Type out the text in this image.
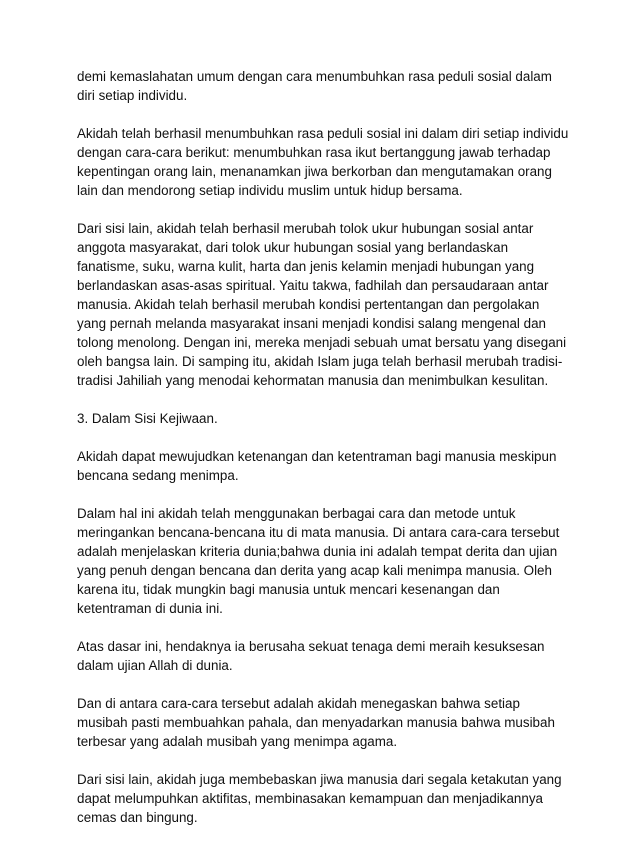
demi kemaslahatan umum dengan cara menumbuhkan rasa peduli sosial dalam diri setiap individu.

Akidah telah berhasil menumbuhkan rasa peduli sosial ini dalam diri setiap individu dengan cara-cara berikut: menumbuhkan rasa ikut bertanggung jawab terhadap kepentingan orang lain, menanamkan jiwa berkorban dan mengutamakan orang lain dan mendorong setiap individu muslim untuk hidup bersama.

Dari sisi lain, akidah telah berhasil merubah tolok ukur hubungan sosial antar anggota masyarakat, dari tolok ukur hubungan sosial yang berlandaskan fanatisme, suku, warna kulit, harta dan jenis kelamin menjadi hubungan yang berlandaskan asas-asas spiritual. Yaitu takwa, fadhilah dan persaudaraan antar manusia. Akidah telah berhasil merubah kondisi pertentangan dan pergolakan yang pernah melanda masyarakat insani menjadi kondisi salang mengenal dan tolong menolong. Dengan ini, mereka menjadi sebuah umat bersatu yang disegani oleh bangsa lain. Di samping itu, akidah Islam juga telah berhasil merubah tradisi-tradisi Jahiliah yang menodai kehormatan manusia dan menimbulkan kesulitan.

3. Dalam Sisi Kejiwaan.

Akidah dapat mewujudkan ketenangan dan ketentraman bagi manusia meskipun bencana sedang menimpa.

Dalam hal ini akidah telah menggunakan berbagai cara dan metode untuk meringankan bencana-bencana itu di mata manusia. Di antara cara-cara tersebut adalah menjelaskan kriteria dunia;bahwa dunia ini adalah tempat derita dan ujian yang penuh dengan bencana dan derita yang acap kali menimpa manusia. Oleh karena itu, tidak mungkin bagi manusia untuk mencari kesenangan dan ketentraman di dunia ini.

Atas dasar ini, hendaknya ia berusaha sekuat tenaga demi meraih kesuksesan dalam ujian Allah di dunia.

Dan di antara cara-cara tersebut adalah akidah menegaskan bahwa setiap musibah pasti membuahkan pahala, dan menyadarkan manusia bahwa musibah terbesar yang adalah musibah yang menimpa agama.

Dari sisi lain, akidah juga membebaskan jiwa manusia dari segala ketakutan yang dapat melumpuhkan aktifitas, membinasakan kemampuan dan menjadikannya cemas dan bingung.
